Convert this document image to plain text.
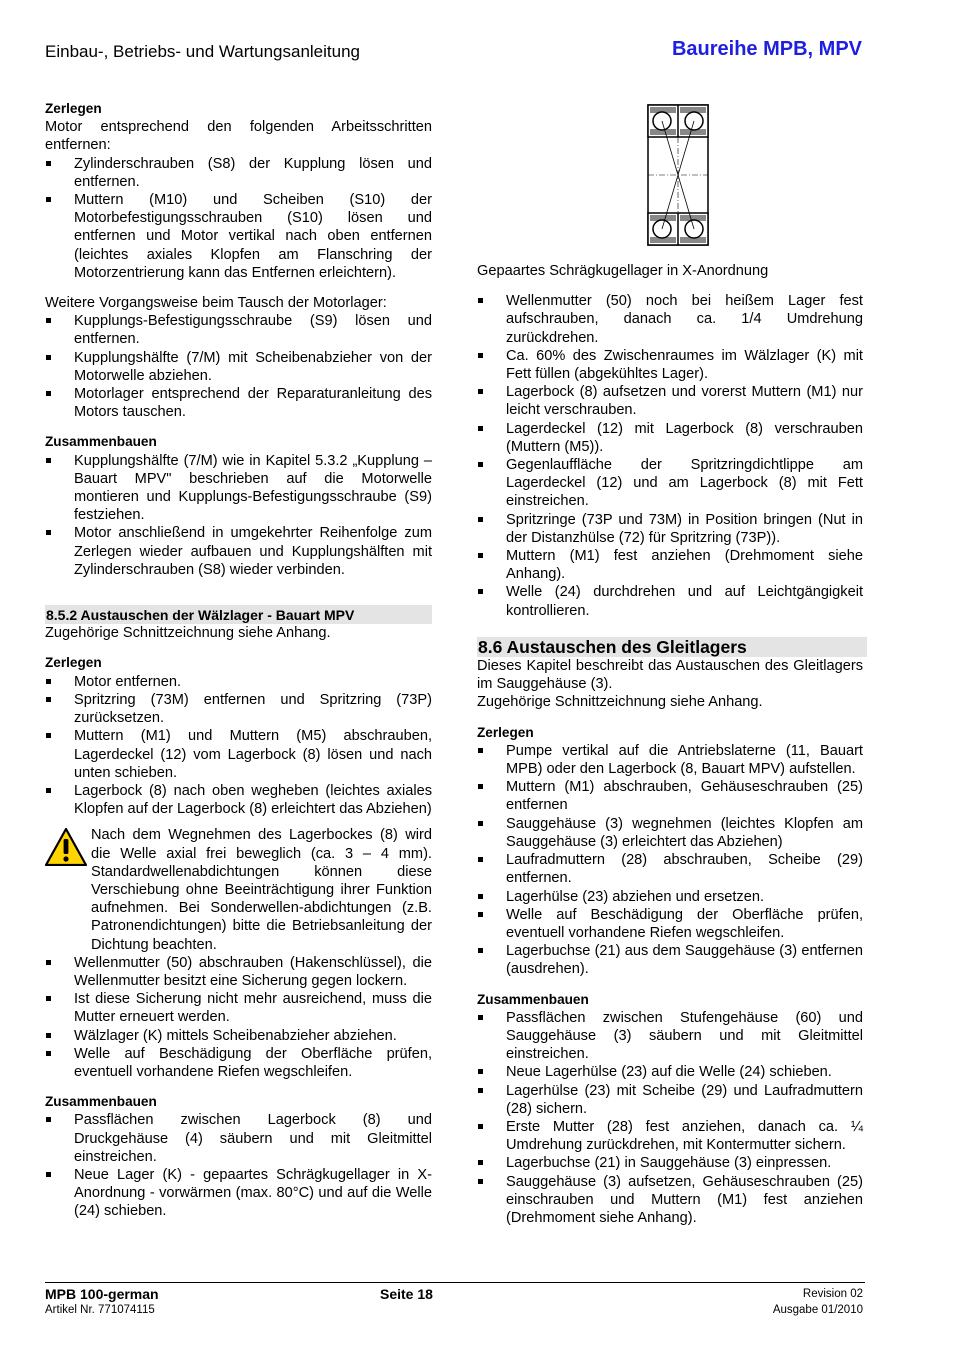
Einbau-, Betriebs- und Wartungsanleitung	Baureihe MPB, MPV

Zerlegen

Motor entsprechend den folgenden Arbeitsschritten entfernen:

Zylinderschrauben (S8) der Kupplung lösen und entfernen.
Muttern (M10) und Scheiben (S10) der Motorbefestigungsschrauben (S10) lösen und entfernen und Motor vertikal nach oben entfernen (leichtes axiales Klopfen am Flanschring der Motorzentrierung kann das Entfernen erleichtern).

Weitere Vorgangsweise beim Tausch der Motorlager:

Kupplungs-Befestigungsschraube (S9) lösen und entfernen.
Kupplungshälfte (7/M) mit Scheibenabzieher von der Motorwelle abziehen.
Motorlager entsprechend der Reparaturanleitung des Motors tauschen.

Zusammenbauen

Kupplungshälfte (7/M) wie in Kapitel 5.3.2 „Kupplung – Bauart MPV" beschrieben auf die Motorwelle montieren und Kupplungs-Befestigungsschraube (S9) festziehen.
Motor anschließend in umgekehrter Reihenfolge zum Zerlegen wieder aufbauen und Kupplungshälften mit Zylinderschrauben (S8) wieder verbinden.
8.5.2 Austauschen der Wälzlager - Bauart MPV

Zugehörige Schnittzeichnung siehe Anhang.

Zerlegen

Motor entfernen.
Spritzring (73M) entfernen und Spritzring (73P) zurücksetzen.
Muttern (M1) und Muttern (M5) abschrauben, Lagerdeckel (12) vom Lagerbock (8) lösen und nach unten schieben.
Lagerbock (8) nach oben wegheben (leichtes axiales Klopfen auf der Lagerbock (8) erleichtert das Abziehen)

Nach dem Wegnehmen des Lagerbockes (8) wird die Welle axial frei beweglich (ca. 3 – 4 mm). Standardwellenabdichtungen können diese Verschiebung ohne Beeinträchtigung ihrer Funktion aufnehmen. Bei Sonderwellen-abdichtungen (z.B. Patronendichtungen) bitte die Betriebsanleitung der Dichtung beachten.

Wellenmutter (50) abschrauben (Hakenschlüssel), die Wellenmutter besitzt eine Sicherung gegen lockern.
Ist diese Sicherung nicht mehr ausreichend, muss die Mutter erneuert werden.
Wälzlager (K) mittels Scheibenabzieher abziehen.
Welle auf Beschädigung der Oberfläche prüfen, eventuell vorhandene Riefen wegschleifen.

Zusammenbauen

Passflächen zwischen Lagerbock (8) und Druckgehäuse (4) säubern und mit Gleitmittel einstreichen.
Neue Lager (K) - gepaartes Schrägkugellager in X-Anordnung - vorwärmen (max. 80°C) und auf die Welle (24) schieben.

Gepaartes Schrägkugellager in X-Anordnung

Wellenmutter (50) noch bei heißem Lager fest aufschrauben, danach ca. 1/4 Umdrehung zurückdrehen.
Ca. 60% des Zwischenraumes im Wälzlager (K) mit Fett füllen (abgekühltes Lager).
Lagerbock (8) aufsetzen und vorerst Muttern (M1) nur leicht verschrauben.
Lagerdeckel (12) mit Lagerbock (8) verschrauben (Muttern (M5)).
Gegenlauffläche der Spritzringdichtlippe am Lagerdeckel (12) und am Lagerbock (8) mit Fett einstreichen.
Spritzringe (73P und 73M) in Position bringen (Nut in der Distanzhülse (72) für Spritzring (73P)).
Muttern (M1) fest anziehen (Drehmoment siehe Anhang).
Welle (24) durchdrehen und auf Leichtgängigkeit kontrollieren.
8.6 Austauschen des Gleitlagers

Dieses Kapitel beschreibt das Austauschen des Gleitlagers im Sauggehäuse (3).

Zugehörige Schnittzeichnung siehe Anhang.

Zerlegen

Pumpe vertikal auf die Antriebslaterne (11, Bauart MPB) oder den Lagerbock (8, Bauart MPV) aufstellen.
Muttern (M1) abschrauben, Gehäuseschrauben (25) entfernen
Sauggehäuse (3) wegnehmen (leichtes Klopfen am Sauggehäuse (3) erleichtert das Abziehen)
Laufradmuttern (28) abschrauben, Scheibe (29) entfernen.
Lagerhülse (23) abziehen und ersetzen.
Welle auf Beschädigung der Oberfläche prüfen, eventuell vorhandene Riefen wegschleifen.
Lagerbuchse (21) aus dem Sauggehäuse (3) entfernen (ausdrehen).

Zusammenbauen

Passflächen zwischen Stufengehäuse (60) und Sauggehäuse (3) säubern und mit Gleitmittel einstreichen.
Neue Lagerhülse (23) auf die Welle (24) schieben.
Lagerhülse (23) mit Scheibe (29) und Laufradmuttern (28) sichern.
Erste Mutter (28) fest anziehen, danach ca. ¼ Umdrehung zurückdrehen, mit Kontermutter sichern.
Lagerbuchse (21) in Sauggehäuse (3) einpressen.
Sauggehäuse (3) aufsetzen, Gehäuseschrauben (25) einschrauben und Muttern (M1) fest anziehen (Drehmoment siehe Anhang).
MPB 100-german
Artikel Nr. 771074115
Seite 18	Revision 02
Ausgabe 01/2010
